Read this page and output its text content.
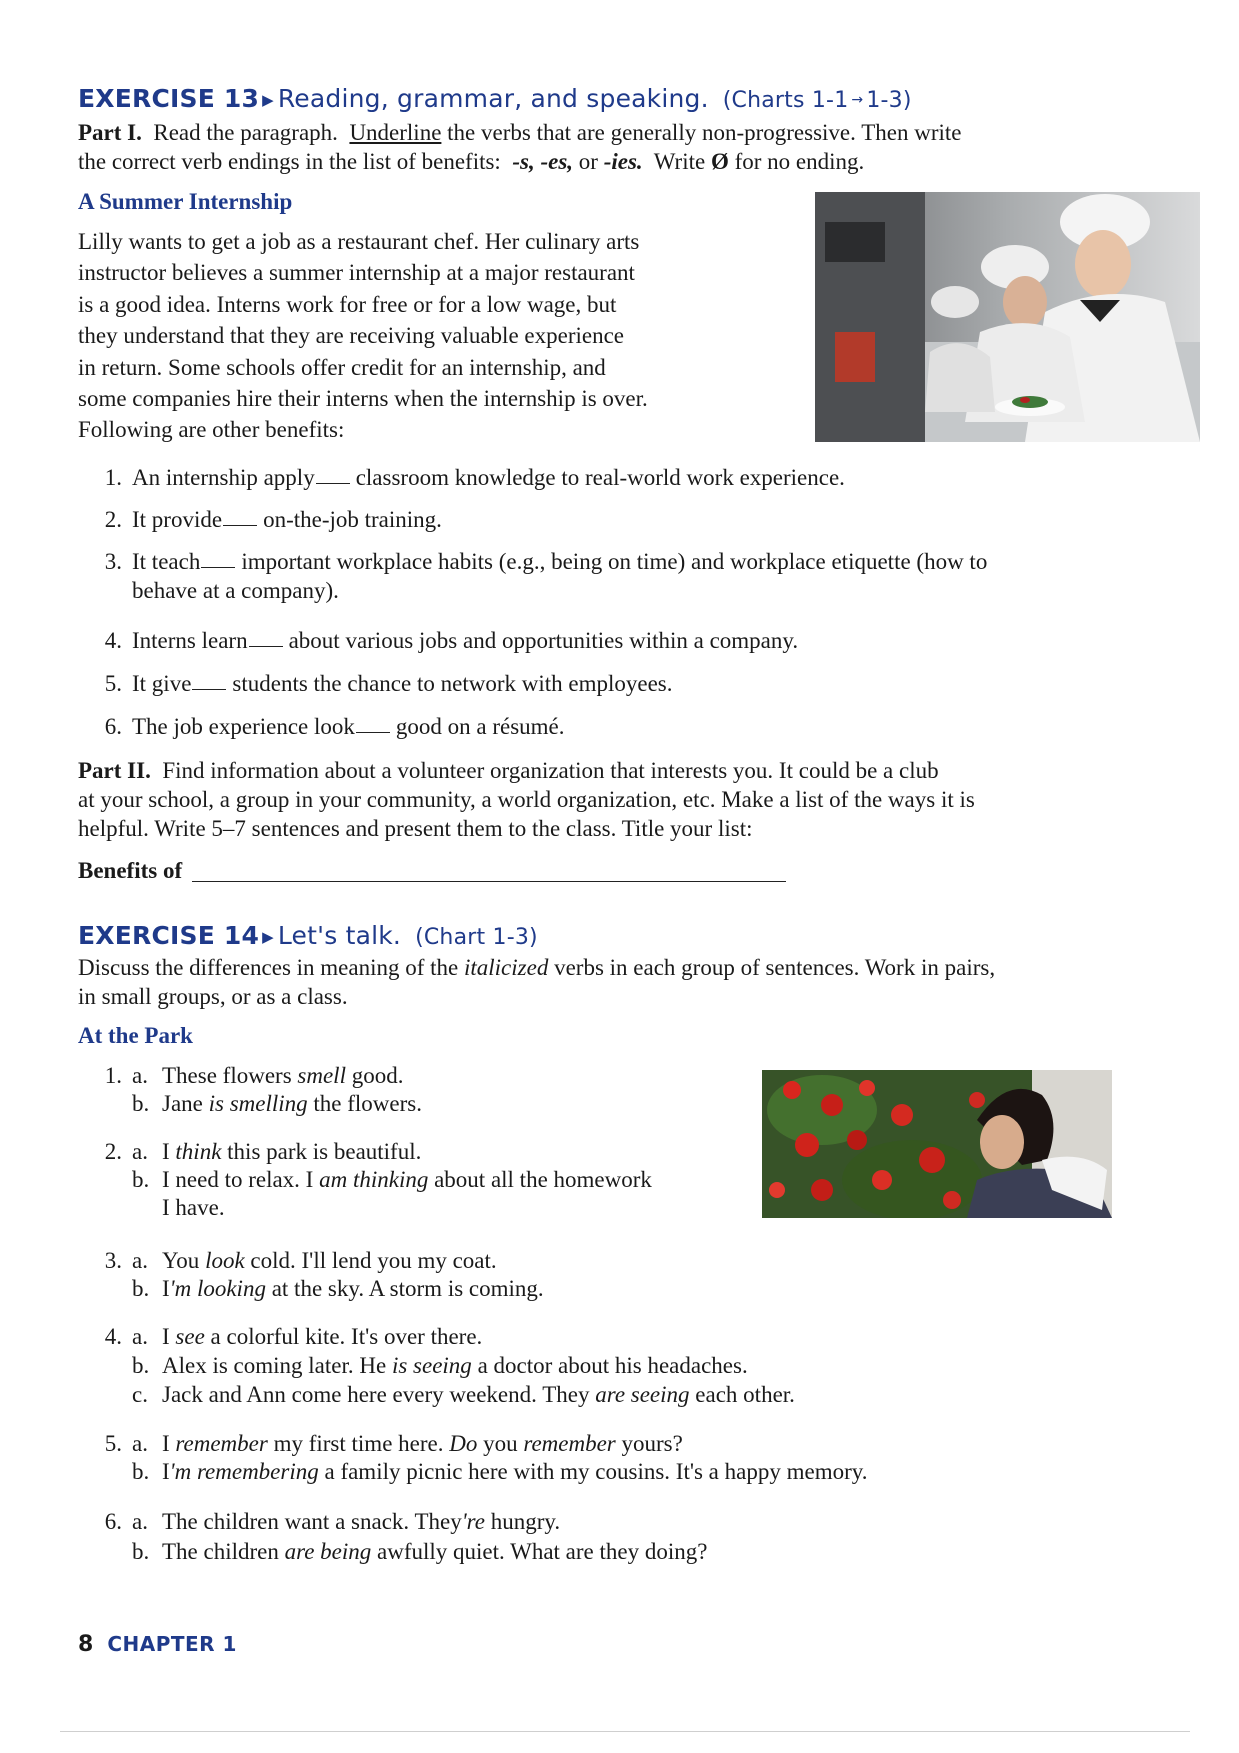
EXERCISE 13 ▶ Reading, grammar, and speaking. (Charts 1-1 → 1-3)
Part I. Read the paragraph. Underline the verbs that are generally non-progressive. Then write
the correct verb endings in the list of benefits: -s, -es, or -ies. Write Ø for no ending.
A Summer Internship
Lilly wants to get a job as a restaurant chef. Her culinary arts
instructor believes a summer internship at a major restaurant
is a good idea. Interns work for free or for a low wage, but
they understand that they are receiving valuable experience
in return. Some schools offer credit for an internship, and
some companies hire their interns when the internship is over.
Following are other benefits:
1. An internship apply classroom knowledge to real-world work experience.
2. It provide on-the-job training.
3. It teach important workplace habits (e.g., being on time) and workplace etiquette (how to
behave at a company).
4. Interns learn about various jobs and opportunities within a company.
5. It give students the chance to network with employees.
6. The job experience look good on a résumé.
Part II. Find information about a volunteer organization that interests you. It could be a club
at your school, a group in your community, a world organization, etc. Make a list of the ways it is
helpful. Write 5–7 sentences and present them to the class. Title your list:
Benefits of
EXERCISE 14 ▶ Let's talk. (Chart 1-3)
Discuss the differences in meaning of the italicized verbs in each group of sentences. Work in pairs,
in small groups, or as a class.
At the Park
1. a. These flowers smell good.
b. Jane is smelling the flowers.
2. a. I think this park is beautiful.
b. I need to relax. I am thinking about all the homework
I have.
3. a. You look cold. I'll lend you my coat.
b. I'm looking at the sky. A storm is coming.
4. a. I see a colorful kite. It's over there.
b. Alex is coming later. He is seeing a doctor about his headaches.
c. Jack and Ann come here every weekend. They are seeing each other.
5. a. I remember my first time here. Do you remember yours?
b. I'm remembering a family picnic here with my cousins. It's a happy memory.
6. a. The children want a snack. They're hungry.
b. The children are being awfully quiet. What are they doing?
8 CHAPTER 1
